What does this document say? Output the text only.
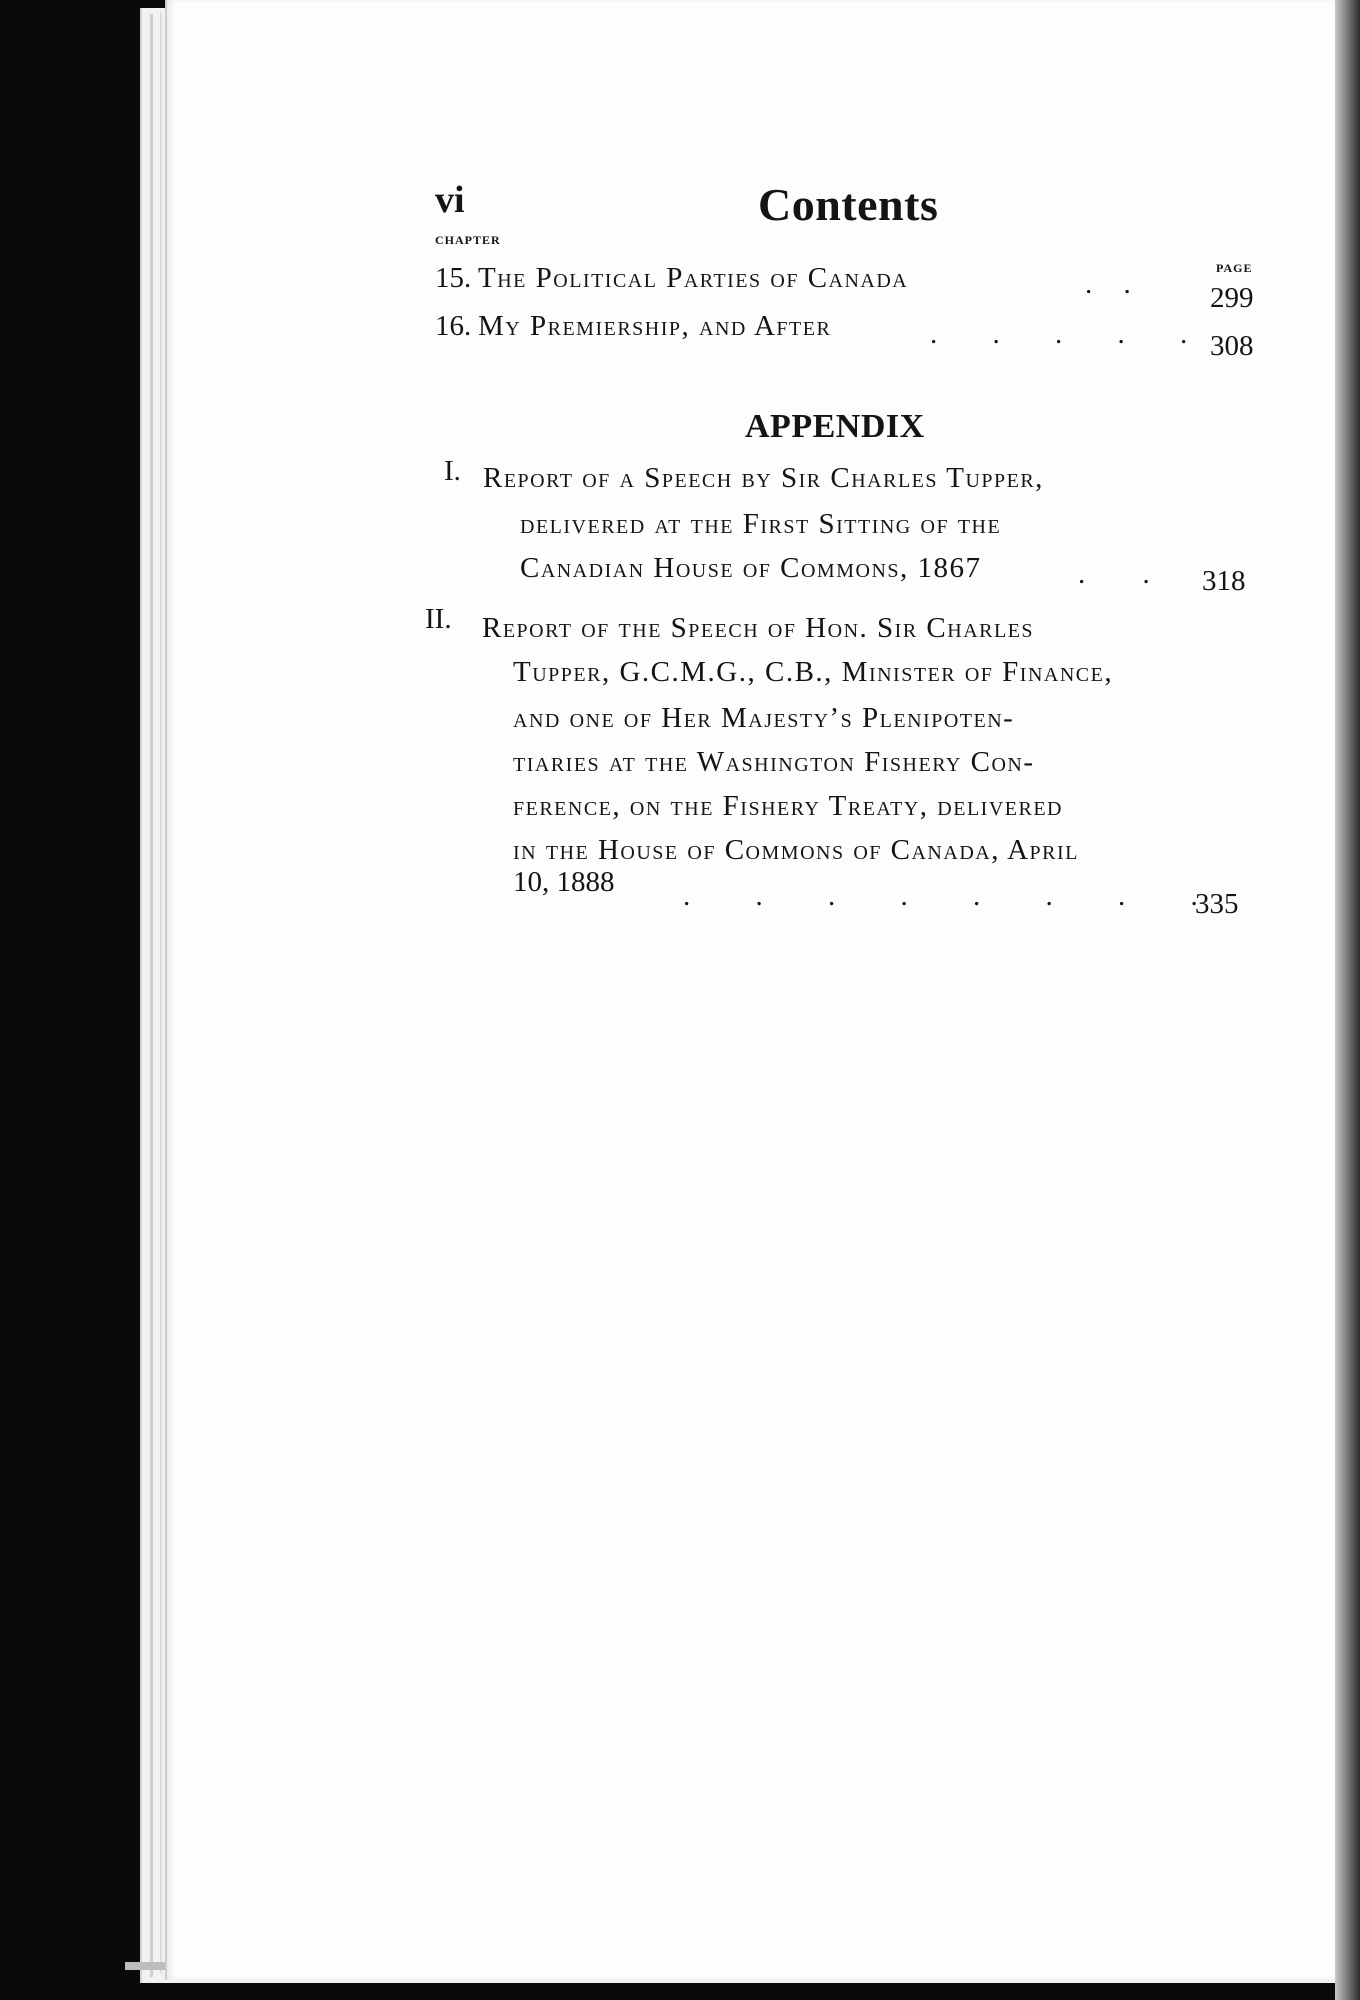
vi	Contents
CHAPTER
PAGE
15. The Political Parties of Canada	. .	299
16. My Premiership, and After	. . . . . 308
APPENDIX
I. Report of a Speech by Sir Charles Tupper,
delivered at the First Sitting of the
Canadian House of Commons, 1867	. . 318
II. Report of the Speech of Hon. Sir Charles
Tupper, G.C.M.G., C.B., Minister of Finance,
and one of Her Majesty’s Plenipoten-
tiaries at the Washington Fishery Con-
ference, on the Fishery Treaty, delivered
in the House of Commons of Canada, April
10, 1888 . . . . . . . .
335
